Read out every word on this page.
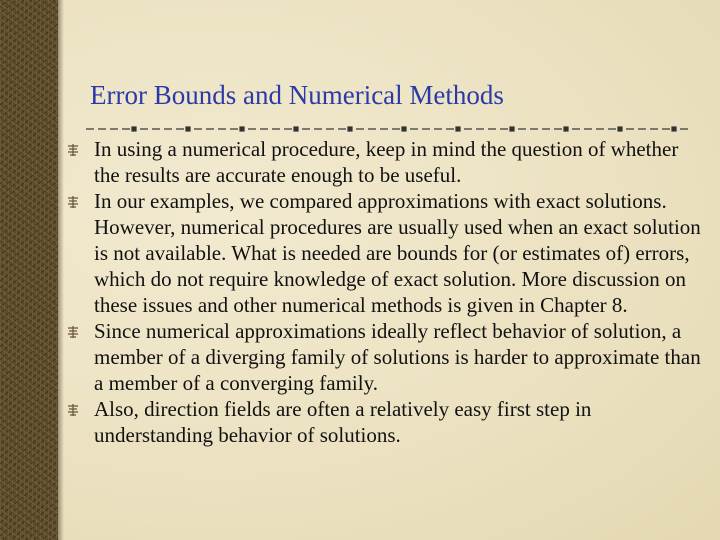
Error Bounds and Numerical Methods
In using a numerical procedure, keep in mind the question of whether the results are accurate enough to be useful.
In our examples, we compared approximations with exact solutions. However, numerical procedures are usually used when an exact solution is not available. What is needed are bounds for (or estimates of) errors, which do not require knowledge of exact solution. More discussion on these issues and other numerical methods is given in Chapter 8.
Since numerical approximations ideally reflect behavior of solution, a member of a diverging family of solutions is harder to approximate than a member of a converging family.
Also, direction fields are often a relatively easy first step in understanding behavior of solutions.
